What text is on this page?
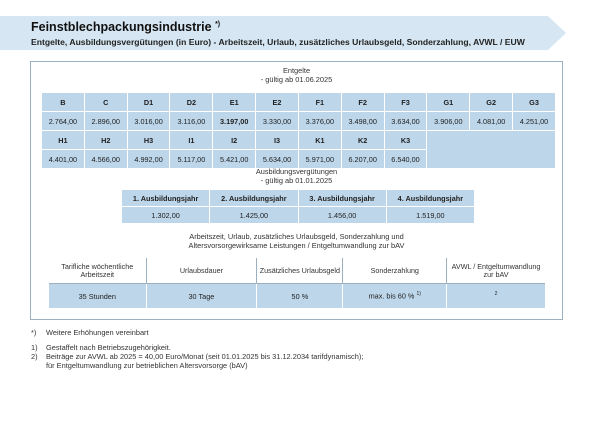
Feinstblechpackungsindustrie *)
Entgelte, Ausbildungsvergütungen (in Euro) - Arbeitszeit, Urlaub, zusätzliches Urlaubsgeld, Sonderzahlung, AVWL / EUW
Entgelte
- gültig ab 01.06.2025
B	C	D1	D2	E1	E2	F1	F2	F3	G1	G2	G3
2.764,00	2.896,00	3.016,00	3.116,00	3.197,00	3.330,00	3.376,00	3.498,00	3.634,00	3.906,00	4.081,00	4.251,00
H1	H2	H3	I1	I2	I3	K1	K2	K3			
4.401,00	4.566,00	4.992,00	5.117,00	5.421,00	5.634,00	5.971,00	6.207,00	6.540,00			
Ausbildungsvergütungen
- gültig ab 01.01.2025
1. Ausbildungsjahr	2. Ausbildungsjahr	3. Ausbildungsjahr	4. Ausbildungsjahr
1.302,00	1.425,00	1.456,00	1.519,00
Arbeitszeit, Urlaub, zusätzliches Urlaubsgeld, Sonderzahlung und
Altersvorsorgewirksame Leistungen / Entgeltumwandlung zur bAV
Tarifliche wöchentliche Arbeitszeit	Urlaubsdauer	Zusätzliches Urlaubsgeld	Sonderzahlung	AVWL / Entgeltumwandlung zur bAV
35 Stunden	30 Tage	50 %	max. bis 60 % $^{1)}$	$^2$
*) Weitere Erhöhungen vereinbart
1) Gestaffelt nach Betriebszugehörigkeit.
2) Beiträge zur AVWL ab 2025 = 40,00 Euro/Monat (seit 01.01.2025 bis 31.12.2034 tarifdynamisch);
für Entgeltumwandlung zur betrieblichen Altersvorsorge (bAV)
